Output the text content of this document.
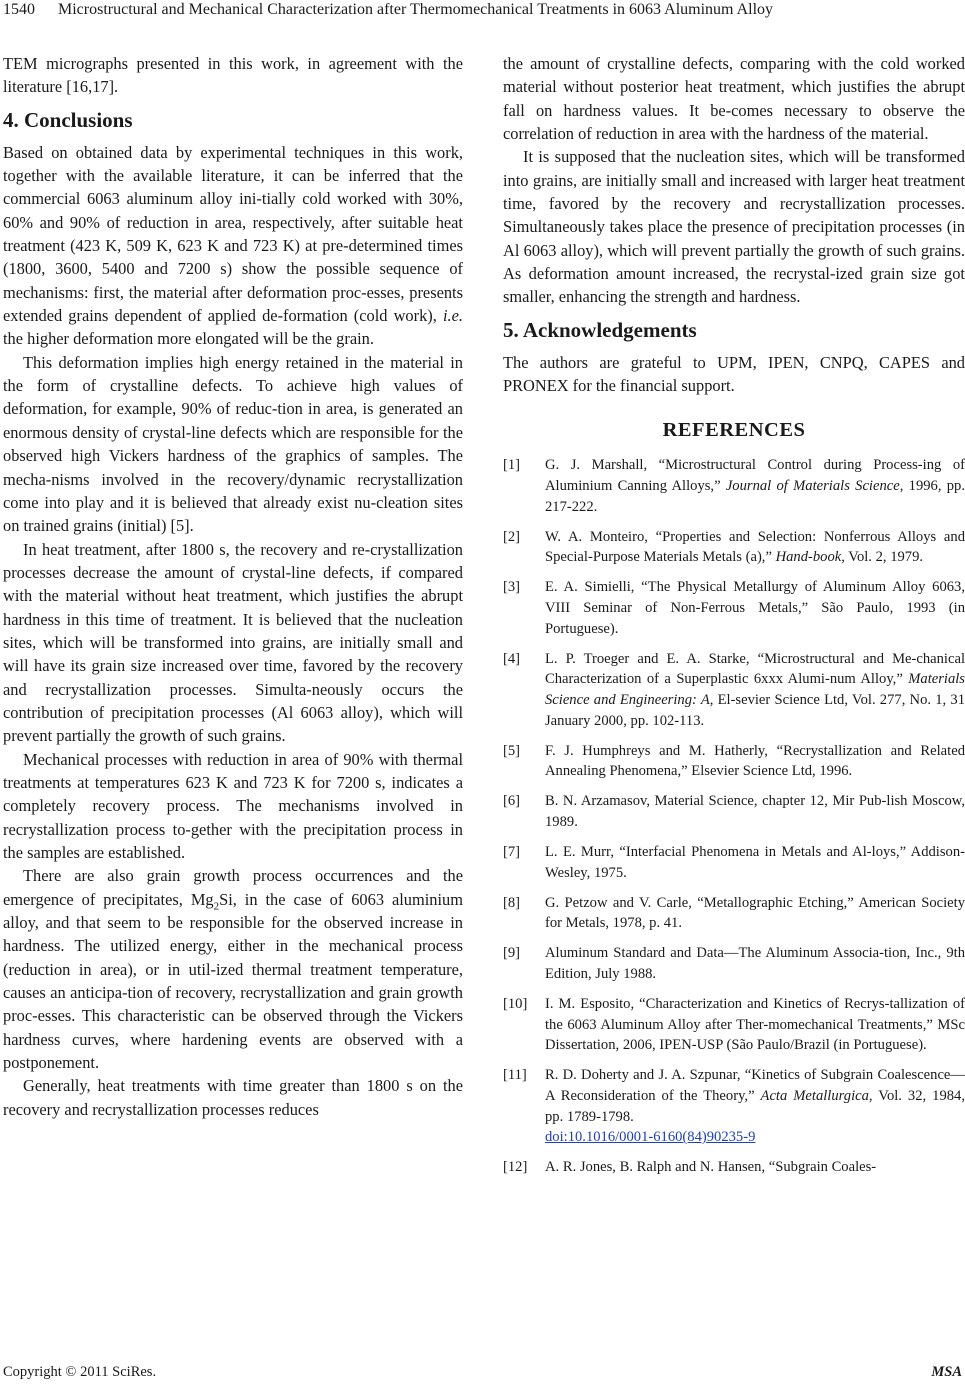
1540 Microstructural and Mechanical Characterization after Thermomechanical Treatments in 6063 Aluminum Alloy

TEM micrographs presented in this work, in agreement with the literature [16,17].

4. Conclusions

Based on obtained data by experimental techniques in this work, together with the available literature, it can be inferred that the commercial 6063 aluminum alloy ini-tially cold worked with 30%, 60% and 90% of reduction in area, respectively, after suitable heat treatment (423 K, 509 K, 623 K and 723 K) at pre-determined times (1800, 3600, 5400 and 7200 s) show the possible sequence of mechanisms: first, the material after deformation proc-esses, presents extended grains dependent of applied de-formation (cold work), i.e. the higher deformation more elongated will be the grain.

This deformation implies high energy retained in the material in the form of crystalline defects. To achieve high values of deformation, for example, 90% of reduc-tion in area, is generated an enormous density of crystal-line defects which are responsible for the observed high Vickers hardness of the graphics of samples. The mecha-nisms involved in the recovery/dynamic recrystallization come into play and it is believed that already exist nu-cleation sites on trained grains (initial) [5].

In heat treatment, after 1800 s, the recovery and re-crystallization processes decrease the amount of crystal-line defects, if compared with the material without heat treatment, which justifies the abrupt hardness in this time of treatment. It is believed that the nucleation sites, which will be transformed into grains, are initially small and will have its grain size increased over time, favored by the recovery and recrystallization processes. Simulta-neously occurs the contribution of precipitation processes (Al 6063 alloy), which will prevent partially the growth of such grains.

Mechanical processes with reduction in area of 90% with thermal treatments at temperatures 623 K and 723 K for 7200 s, indicates a completely recovery process. The mechanisms involved in recrystallization process to-gether with the precipitation process in the samples are established.

There are also grain growth process occurrences and the emergence of precipitates, $Mg_2Si$, in the case of 6063 aluminium alloy, and that seem to be responsible for the observed increase in hardness. The utilized energy, either in the mechanical process (reduction in area), or in util-ized thermal treatment temperature, causes an anticipa-tion of recovery, recrystallization and grain growth proc-esses. This characteristic can be observed through the Vickers hardness curves, where hardening events are observed with a postponement.

Generally, heat treatments with time greater than 1800 s on the recovery and recrystallization processes reduces

the amount of crystalline defects, comparing with the cold worked material without posterior heat treatment, which justifies the abrupt fall on hardness values. It be-comes necessary to observe the correlation of reduction in area with the hardness of the material.

It is supposed that the nucleation sites, which will be transformed into grains, are initially small and increased with larger heat treatment time, favored by the recovery and recrystallization processes. Simultaneously takes place the presence of precipitation processes (in Al 6063 alloy), which will prevent partially the growth of such grains. As deformation amount increased, the recrystal-ized grain size got smaller, enhancing the strength and hardness.

5. Acknowledgements

The authors are grateful to UPM, IPEN, CNPQ, CAPES and PRONEX for the financial support.

REFERENCES
[1]	G. J. Marshall, “Microstructural Control during Process-ing of Aluminium Canning Alloys,” Journal of Materials Science, 1996, pp. 217-222.
[2]	W. A. Monteiro, “Properties and Selection: Nonferrous Alloys and Special-Purpose Materials Metals (a),” Hand-book, Vol. 2, 1979.
[3]	E. A. Simielli, “The Physical Metallurgy of Aluminum Alloy 6063, VIII Seminar of Non-Ferrous Metals,” São Paulo, 1993 (in Portuguese).
[4]	L. P. Troeger and E. A. Starke, “Microstructural and Me-chanical Characterization of a Superplastic 6xxx Alumi-num Alloy,” Materials Science and Engineering: A, El-sevier Science Ltd, Vol. 277, No. 1, 31 January 2000, pp. 102-113.
[5]	F. J. Humphreys and M. Hatherly, “Recrystallization and Related Annealing Phenomena,” Elsevier Science Ltd, 1996.
[6]	B. N. Arzamasov, Material Science, chapter 12, Mir Pub-lish Moscow, 1989.
[7]	L. E. Murr, “Interfacial Phenomena in Metals and Al-loys,” Addison-Wesley, 1975.
[8]	G. Petzow and V. Carle, “Metallographic Etching,” American Society for Metals, 1978, p. 41.
[9]	Aluminum Standard and Data—The Aluminum Associa-tion, Inc., 9th Edition, July 1988.
[10]	I. M. Esposito, “Characterization and Kinetics of Recrys-tallization of the 6063 Aluminum Alloy after Ther-momechanical Treatments,” MSc Dissertation, 2006, IPEN-USP (São Paulo/Brazil (in Portuguese).
[11]	R. D. Doherty and J. A. Szpunar, “Kinetics of Subgrain Coalescence—A Reconsideration of the Theory,” Acta Metallurgica, Vol. 32, 1984, pp. 1789-1798.
doi:10.1016/0001-6160(84)90235-9
[12]	A. R. Jones, B. Ralph and N. Hansen, “Subgrain Coales-
Copyright © 2011 SciRes.	MSA
